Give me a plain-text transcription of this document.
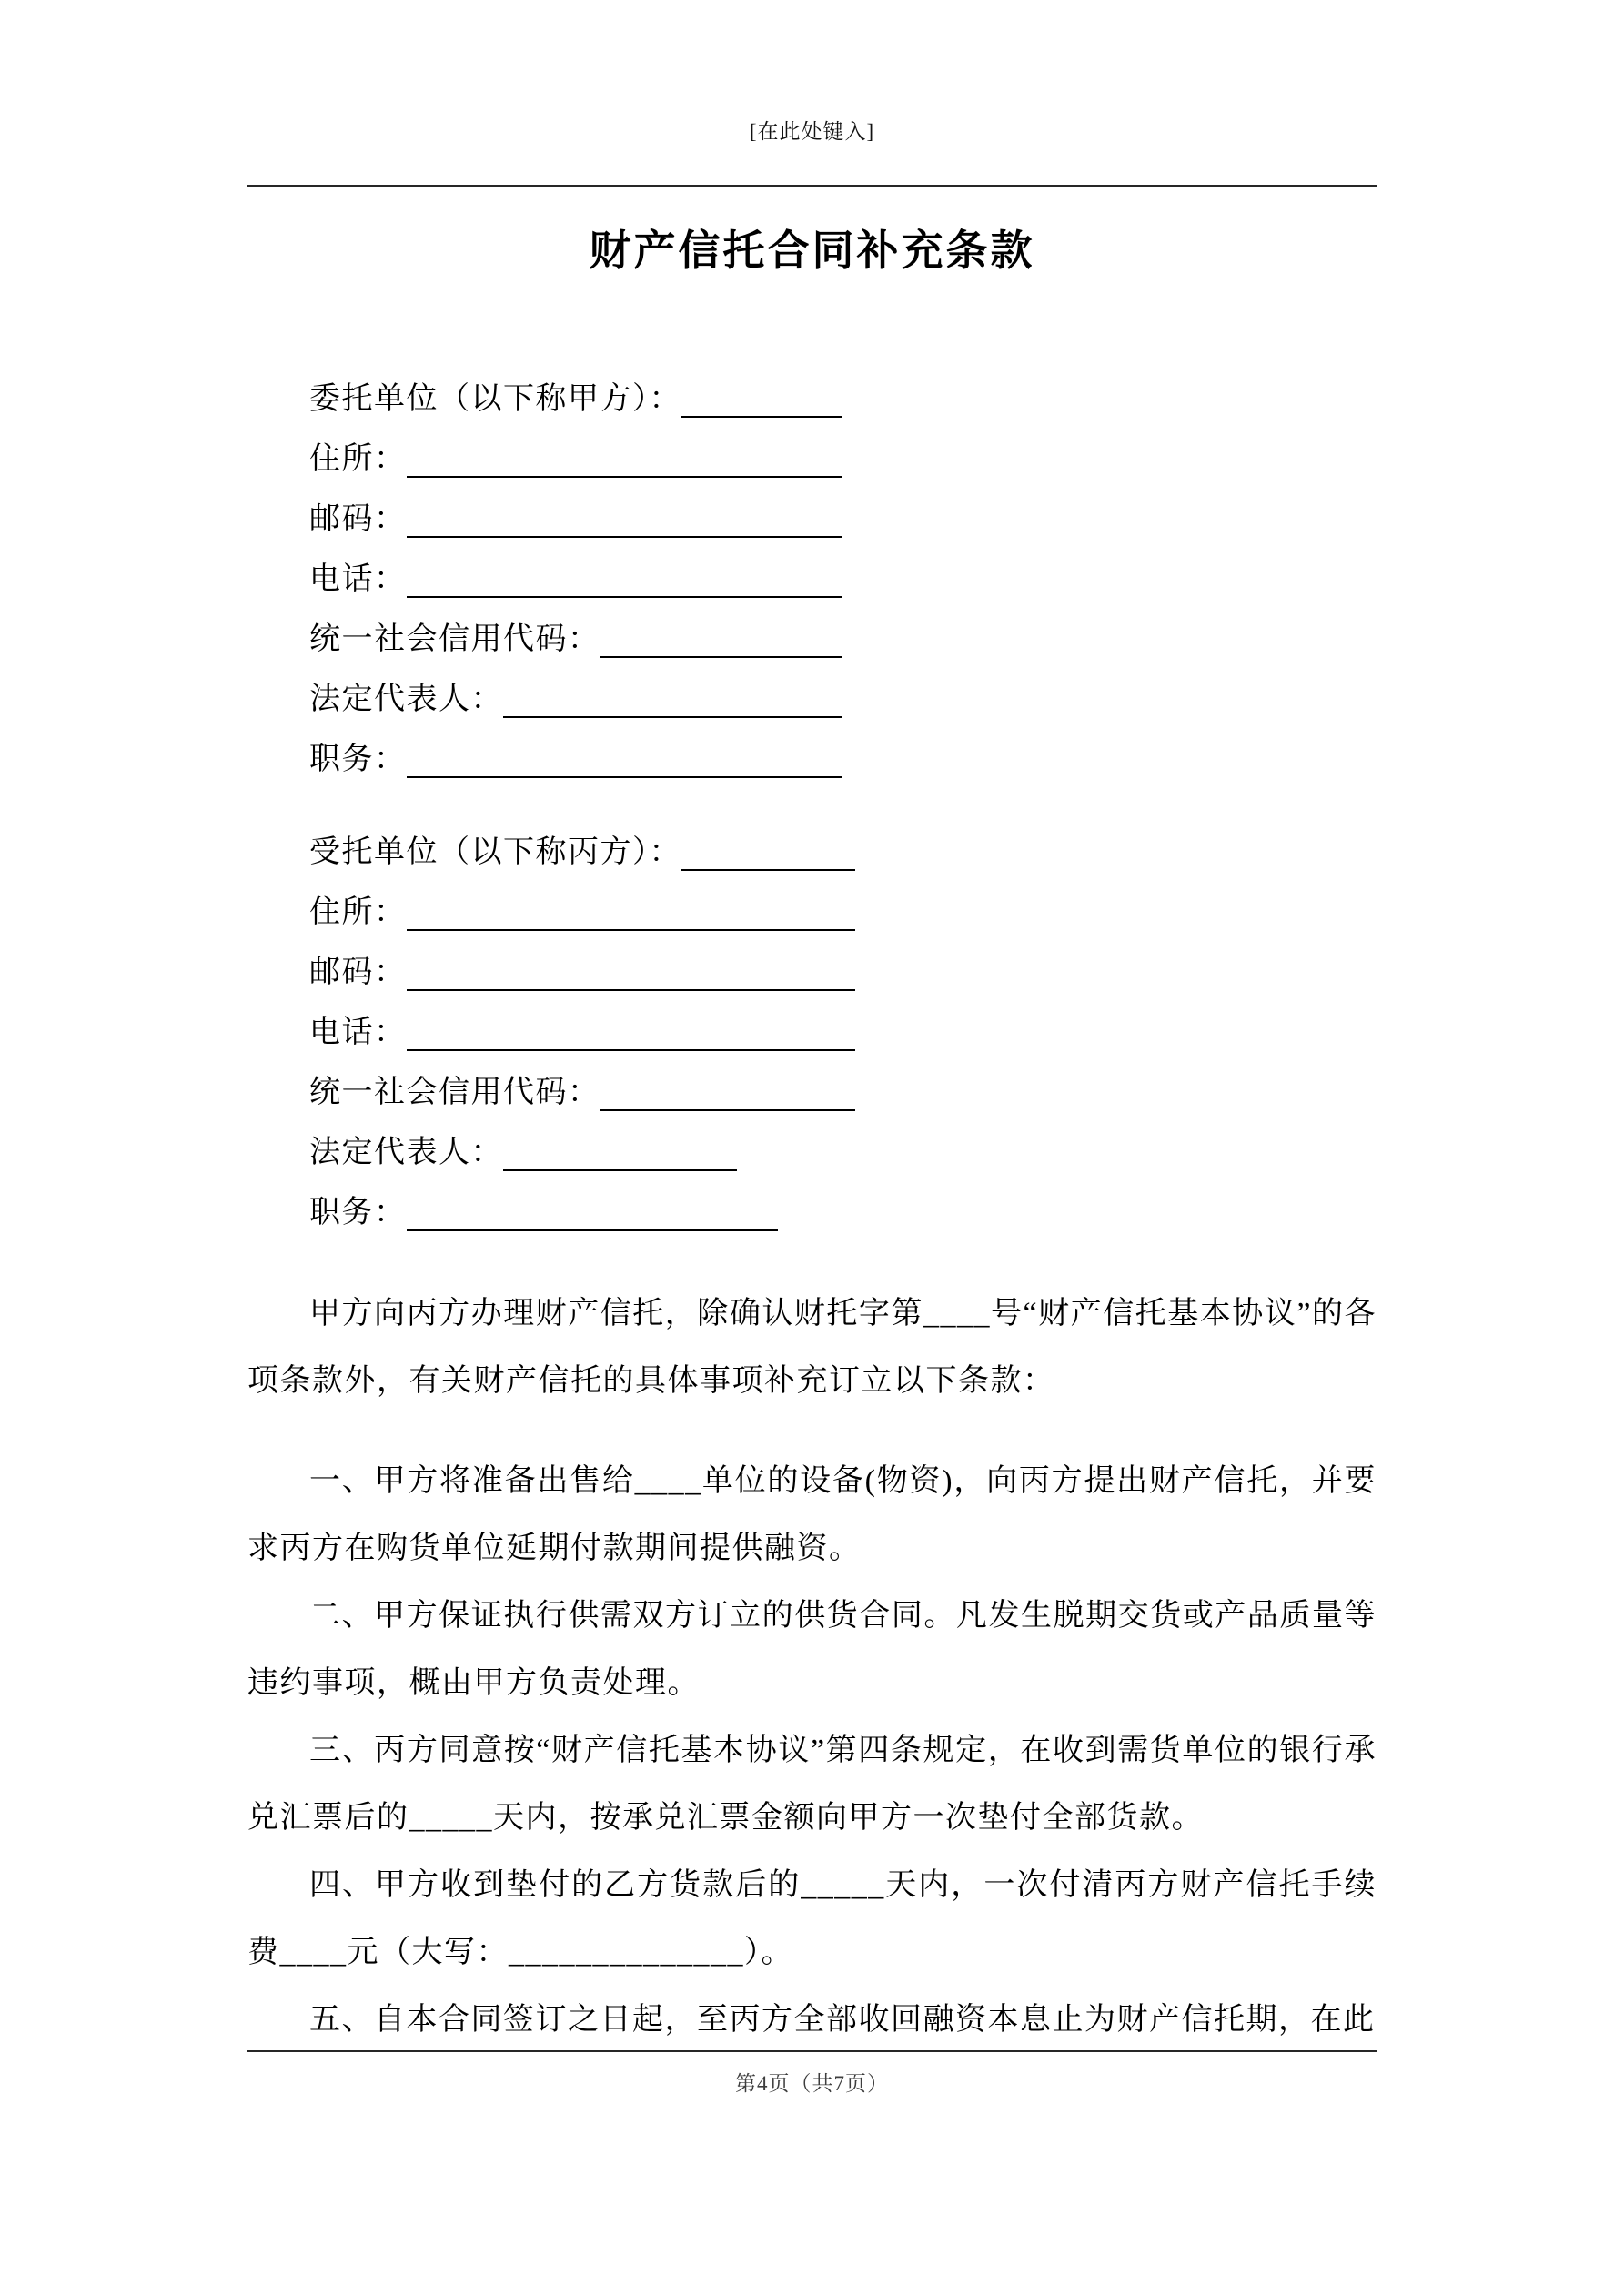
[在此处键入]
财产信托合同补充条款
委托单位（以下称甲方）：
住所：
邮码：
电话：
统一社会信用代码：
法定代表人：
职务：
受托单位（以下称丙方）：
住所：
邮码：
电话：
统一社会信用代码：
法定代表人：
职务：

甲方向丙方办理财产信托，除确认财托字第____号“财产信托基本协议”的各项条款外，有关财产信托的具体事项补充订立以下条款：

一、甲方将准备出售给____单位的设备(物资)，向丙方提出财产信托，并要求丙方在购货单位延期付款期间提供融资。

二、甲方保证执行供需双方订立的供货合同。凡发生脱期交货或产品质量等违约事项，概由甲方负责处理。

三、丙方同意按“财产信托基本协议”第四条规定，在收到需货单位的银行承兑汇票后的_____天内，按承兑汇票金额向甲方一次垫付全部货款。

四、甲方收到垫付的乙方货款后的_____天内，一次付清丙方财产信托手续费____元（大写：______________）。

五、自本合同签订之日起，至丙方全部收回融资本息止为财产信托期，在此

第4页（共7页）
